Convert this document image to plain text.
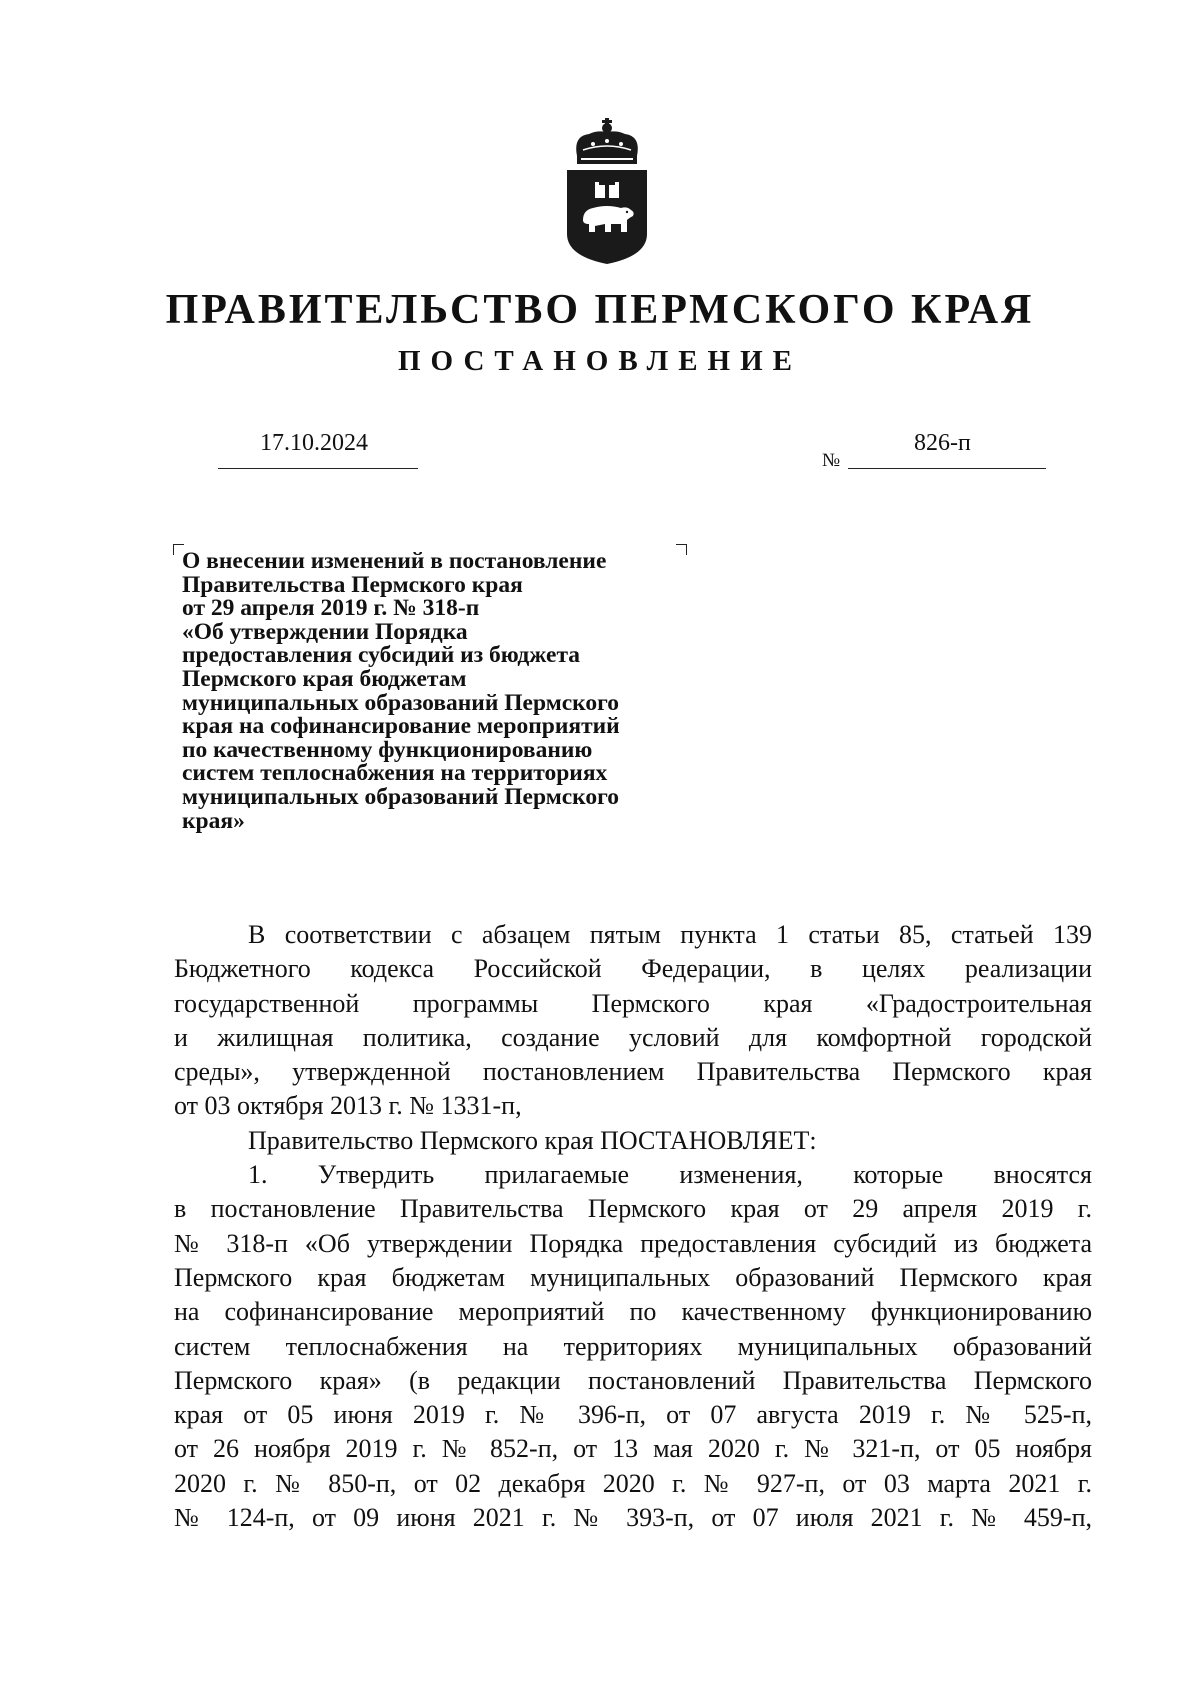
ПРАВИТЕЛЬСТВО ПЕРМСКОГО КРАЯ
ПОСТАНОВЛЕНИЕ
17.10.2024
№
826-п
О внесении изменений в постановление
Правительства Пермского края
от 29 апреля 2019 г. № 318-п
«Об утверждении Порядка
предоставления субсидий из бюджета
Пермского края бюджетам
муниципальных образований Пермского
края на софинансирование мероприятий
по качественному функционированию
систем теплоснабжения на территориях
муниципальных образований Пермского
края»
В соответствии с абзацем пятым пункта 1 статьи 85, статьей 139
Бюджетного кодекса Российской Федерации, в целях реализации
государственной программы Пермского края «Градостроительная
и жилищная политика, создание условий для комфортной городской
среды», утвержденной постановлением Правительства Пермского края
от 03 октября 2013 г. № 1331-п,
Правительство Пермского края ПОСТАНОВЛЯЕТ:
1. Утвердить прилагаемые изменения, которые вносятся
в постановление Правительства Пермского края от 29 апреля 2019 г.
№ 318-п «Об утверждении Порядка предоставления субсидий из бюджета
Пермского края бюджетам муниципальных образований Пермского края
на софинансирование мероприятий по качественному функционированию
систем теплоснабжения на территориях муниципальных образований
Пермского края» (в редакции постановлений Правительства Пермского
края от 05 июня 2019 г. № 396-п, от 07 августа 2019 г. № 525-п,
от 26 ноября 2019 г. № 852-п, от 13 мая 2020 г. № 321-п, от 05 ноября
2020 г. № 850-п, от 02 декабря 2020 г. № 927-п, от 03 марта 2021 г.
№ 124-п, от 09 июня 2021 г. № 393-п, от 07 июля 2021 г. № 459-п,
